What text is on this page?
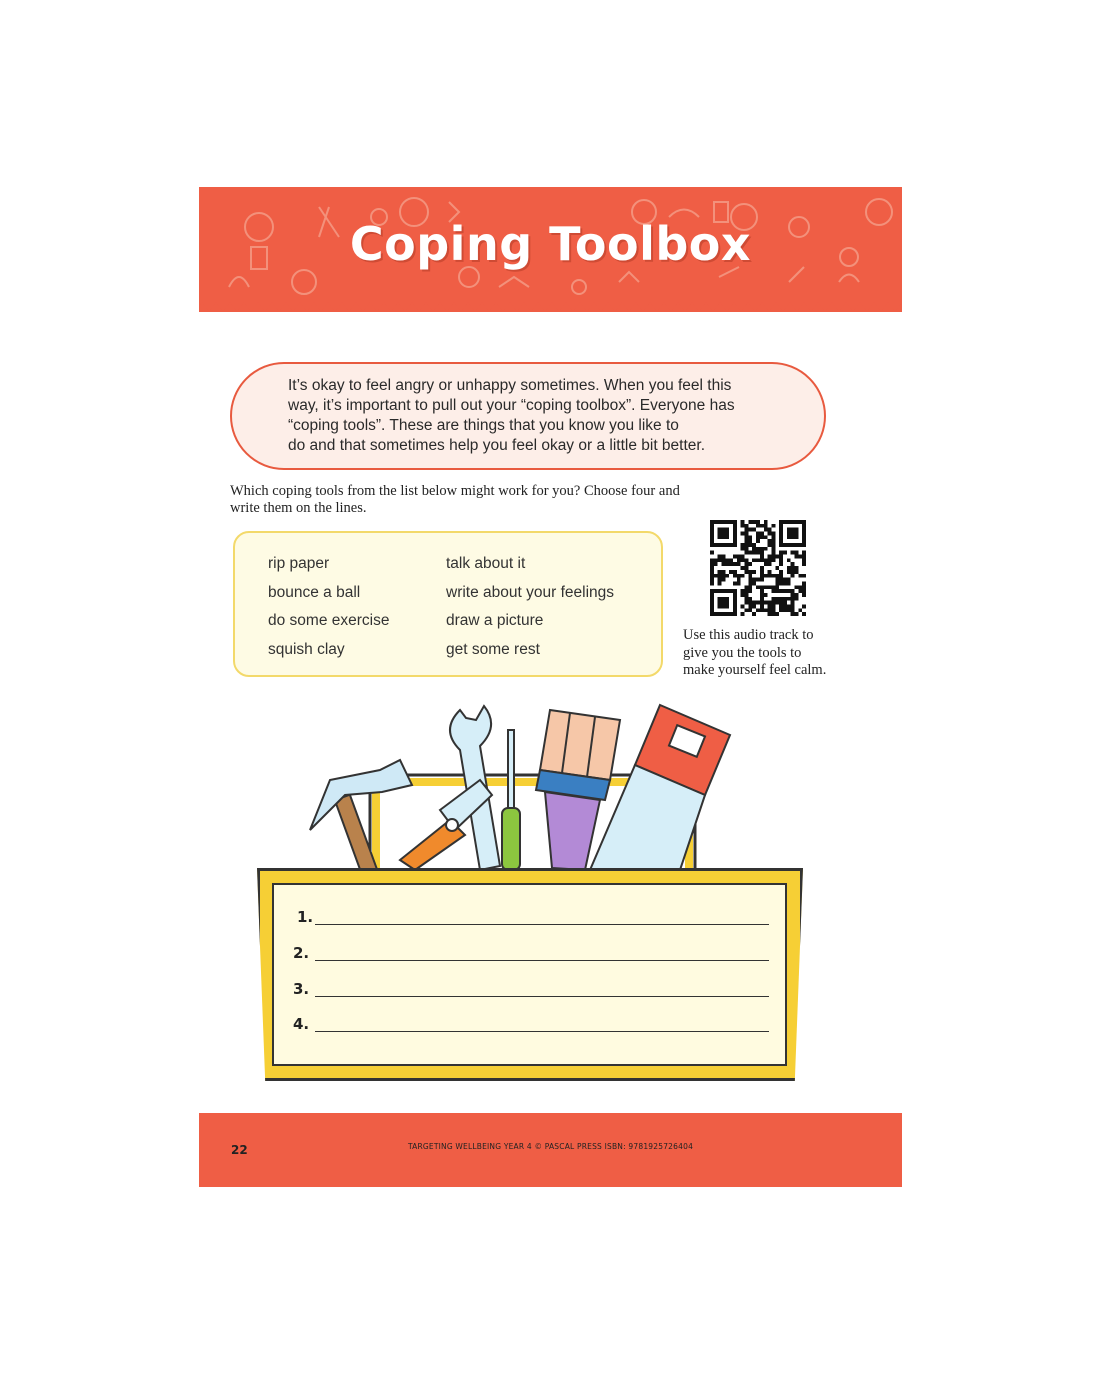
Coping Toolbox
It’s okay to feel angry or unhappy sometimes. When you feel this
way, it’s important to pull out your “coping toolbox”. Everyone has
“coping tools”. These are things that you know you like to
do and that sometimes help you feel okay or a little bit better.
Which coping tools from the list below might work for you? Choose four and
write them on the lines.
rip paper
bounce a ball
do some exercise
squish clay
talk about it
write about your feelings
draw a picture
get some rest
Use this audio track to
give you the tools to
make yourself feel calm.
1.
2.
3.
4.
22	TARGETING WELLBEING YEAR 4 © PASCAL PRESS ISBN: 9781925726404
